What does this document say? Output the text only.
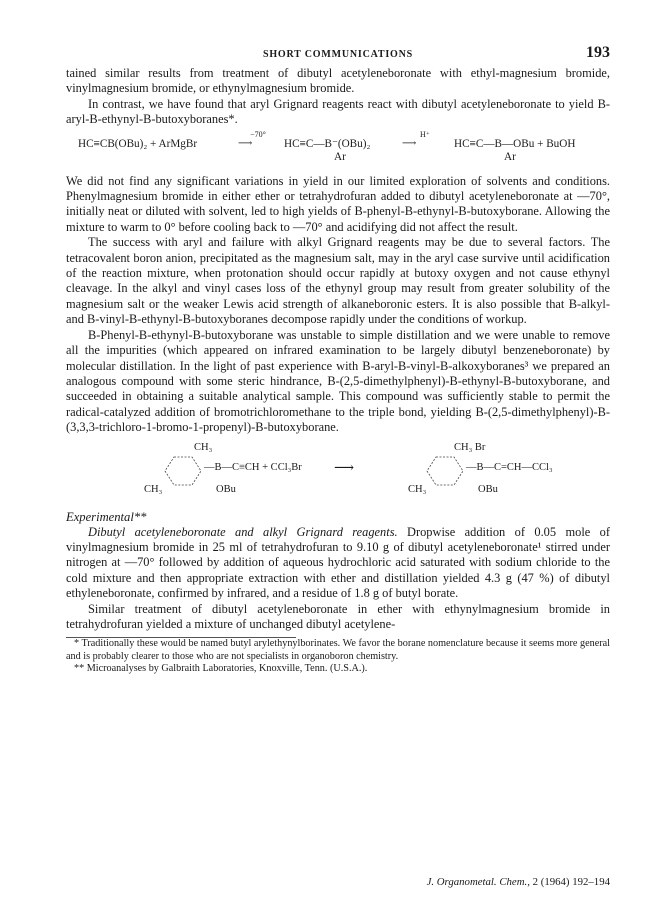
SHORT COMMUNICATIONS	193

tained similar results from treatment of dibutyl acetyleneboronate with ethyl-magnesium bromide, vinylmagnesium bromide, or ethynylmagnesium bromide.

In contrast, we have found that aryl Grignard reagents react with dibutyl acetyleneboronate to yield B-aryl-B-ethynyl-B-butoxyboranes*.

HC≡CB(OBu)₂ + ArMgBr
−70°
⟶	HC≡C—B⁻(OBu)₂
Ar
H⁺
⟶	HC≡C—B—OBu + BuOH
Ar

We did not find any significant variations in yield in our limited exploration of solvents and conditions. Phenylmagnesium bromide in either ether or tetrahydrofuran added to dibutyl acetyleneboronate at —70°, initially neat or diluted with solvent, led to high yields of B-phenyl-B-ethynyl-B-butoxyborane. Allowing the mixture to warm to 0° before cooling back to —70° and acidifying did not affect the result.

The success with aryl and failure with alkyl Grignard reagents may be due to several factors. The tetracovalent boron anion, precipitated as the magnesium salt, may in the aryl case survive until acidification of the reaction mixture, when protonation should occur rapidly at butoxy oxygen and not cause ethynyl cleavage. In the alkyl and vinyl cases loss of the ethynyl group may result from greater solubility of the magnesium salt or the weaker Lewis acid strength of alkaneboronic esters. It is also possible that B-alkyl- and B-vinyl-B-ethynyl-B-butoxyboranes decompose rapidly under the conditions of workup.

B-Phenyl-B-ethynyl-B-butoxyborane was unstable to simple distillation and we were unable to remove all the impurities (which appeared on infrared examination to be largely dibutyl benzeneboronate) by molecular distillation. In the light of past experience with B-aryl-B-vinyl-B-alkoxyboranes³ we prepared an analogous compound with some steric hindrance, B-(2,5-dimethylphenyl)-B-ethynyl-B-butoxyborane, and succeeded in obtaining a suitable analytical sample. This compound was sufficiently stable to permit the radical-catalyzed addition of bromotrichloromethane to the triple bond, yielding B-(2,5-dimethylphenyl)-B-(3,3,3-trichloro-1-bromo-1-propenyl)-B-butoxyborane.

CH₃
CH₃
—B—C≡CH + CCl₃Br
OBu
⟶
CH₃ Br
CH₃
—B—C=CH—CCl₃
OBu
Experimental**

Dibutyl acetyleneboronate and alkyl Grignard reagents. Dropwise addition of 0.05 mole of vinylmagnesium bromide in 25 ml of tetrahydrofuran to 9.10 g of dibutyl acetyleneboronate¹ stirred under nitrogen at —70° followed by addition of aqueous hydrochloric acid saturated with sodium chloride to the cold mixture and then appropriate extraction with ether and distillation yielded 4.3 g (47 %) of dibutyl ethyleneboronate, confirmed by infrared, and a residue of 1.8 g of butyl borate.

Similar treatment of dibutyl acetyleneboronate in ether with ethynylmagnesium bromide in tetrahydrofuran yielded a mixture of unchanged dibutyl acetylene-

* Traditionally these would be named butyl arylethynylborinates. We favor the borane nomenclature because it seems more general and is probably clearer to those who are not specialists in organoboron chemistry.
** Microanalyses by Galbraith Laboratories, Knoxville, Tenn. (U.S.A.).
J. Organometal. Chem., 2 (1964) 192–194
